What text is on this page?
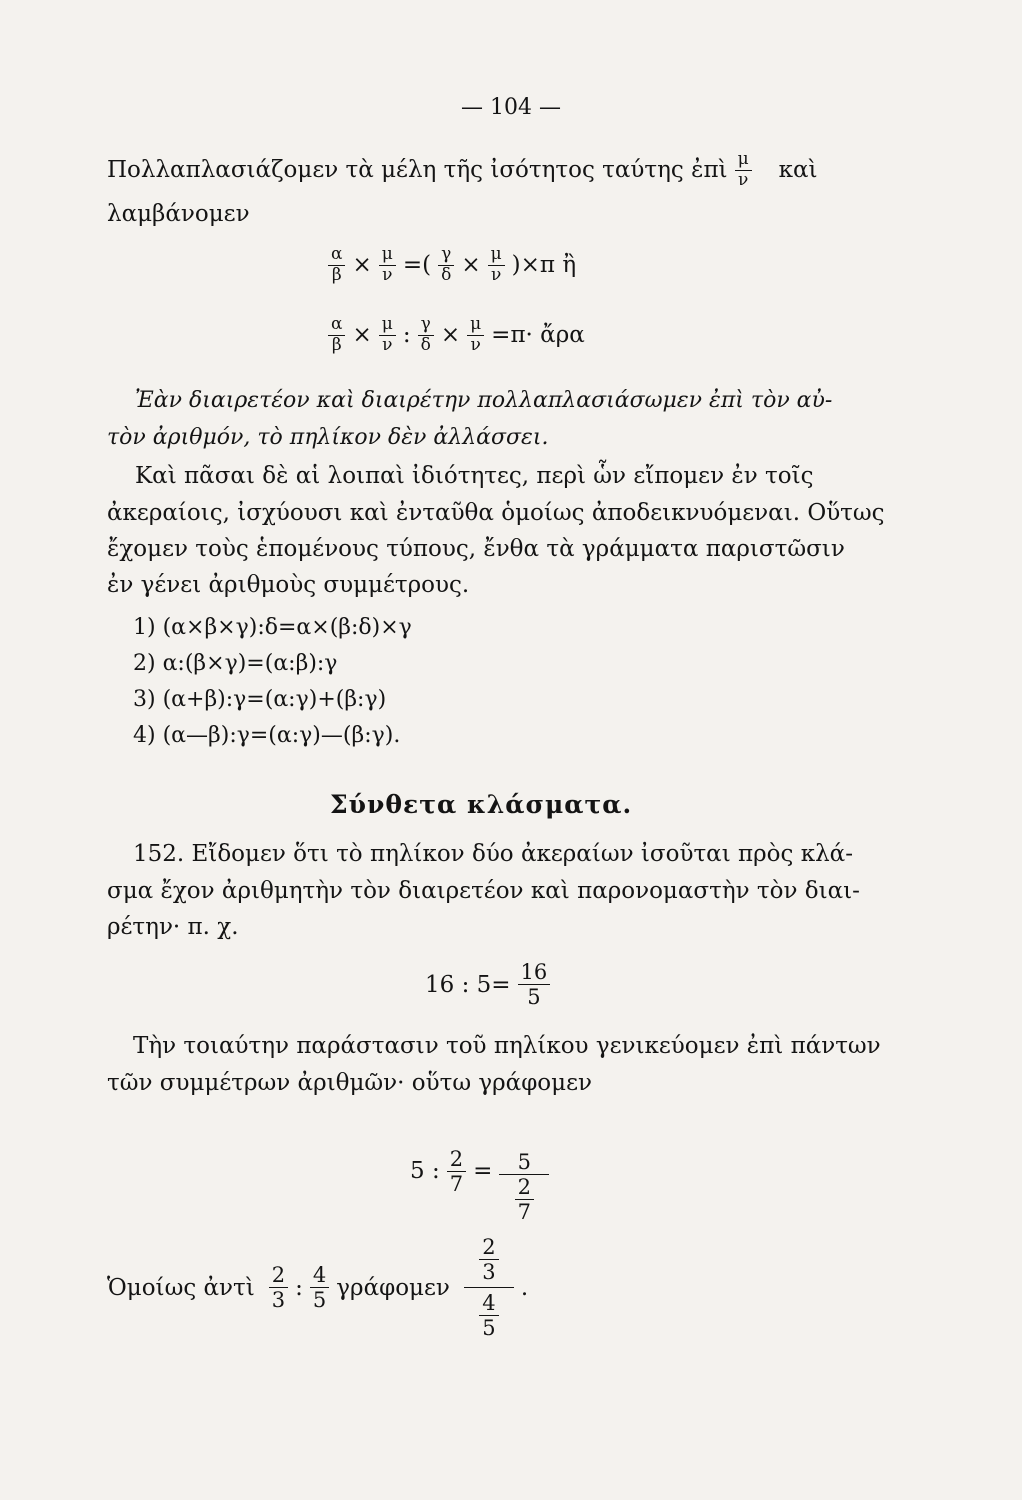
— 104 —
Πολλαπλασιάζομεν τὰ μέλη τῆς ἰσότητος ταύτης ἐπὶ $\frac{\mu}{\nu}$ καὶ
λαμβάνομεν
$\frac{\alpha}{\beta} \times \frac{\mu}{\nu}$ =( $\frac{\gamma}{\delta} \times \frac{\mu}{\nu} )\times\pi$ ἢ
$\frac{\alpha}{\beta} \times \frac{\mu}{\nu}$ : $\frac{\gamma}{\delta} \times \frac{\mu}{\nu} =\pi\cdot$ ἄρα
Ἐὰν διαιρετέον καὶ διαιρέτην πολλαπλασιάσωμεν ἐπὶ τὸν αὐ-
τὸν ἀριθμόν, τὸ πηλίκον δὲν ἀλλάσσει.
Καὶ πᾶσαι δὲ αἱ λοιπαὶ ἰδιότητες, περὶ ὧν εἴπομεν ἐν τοῖς
ἀκεραίοις, ἰσχύουσι καὶ ἐνταῦθα ὁμοίως ἀποδεικνυόμεναι. Οὕτως
ἔχομεν τοὺς ἑπομένους τύπους, ἔνθα τὰ γράμματα παριστῶσιν
ἐν γένει ἀριθμοὺς συμμέτρους.
1) (α×β×γ):δ=α×(β:δ)×γ
2) α:(β×γ)=(α:β):γ
3) (α+β):γ=(α:γ)+(β:γ)
4) (α—β):γ=(α:γ)—(β:γ).
Σύνθετα κλάσματα.
152. Εἴδομεν ὅτι τὸ πηλίκον δύο ἀκεραίων ἰσοῦται πρὸς κλά-
σμα ἔχον ἀριθμητὴν τὸν διαιρετέον καὶ παρονομαστὴν τὸν διαι-
ρέτην· π. χ.
16 : $5= \frac{16}{5}$
Τὴν τοιαύτην παράστασιν τοῦ πηλίκου γενικεύομεν ἐπὶ πάντων
τῶν συμμέτρων ἀριθμῶν· οὕτω γράφομεν
5 : $\frac{2}{7} = \frac{5}{\frac{2}{7}}$
Ὁμοίως ἀντὶ $\frac{2}{3}$ : $\frac{4}{5}$ γράφομεν $\frac{\frac{2}{3}}{\frac{4}{5}}$ .
